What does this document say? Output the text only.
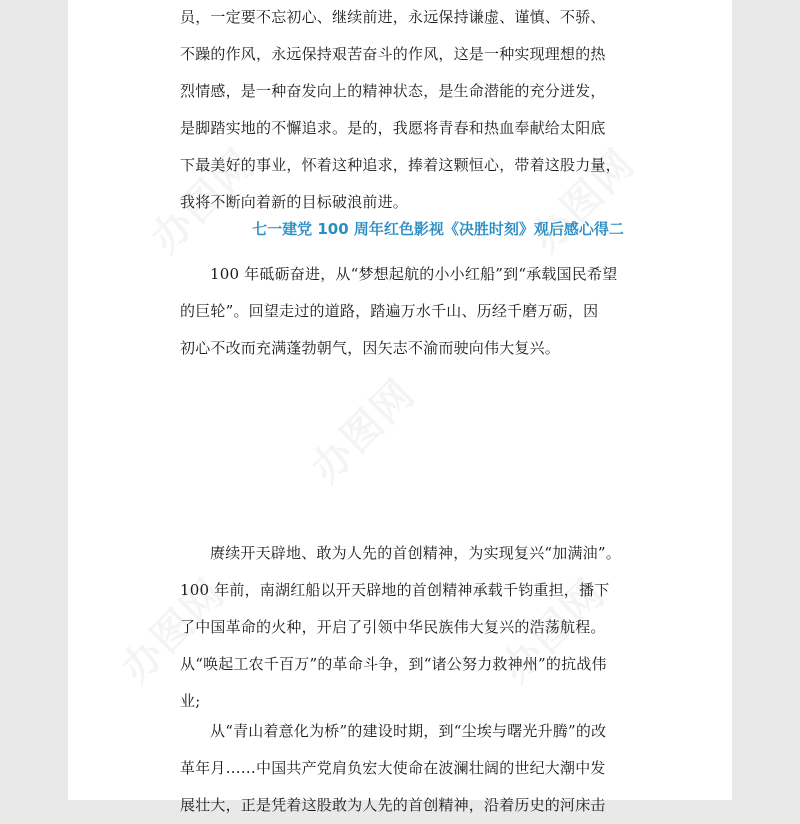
员，一定要不忘初心、继续前进，永远保持谦虚、谨慎、不骄、
不躁的作风，永远保持艰苦奋斗的作风，这是一种实现理想的热
烈情感，是一种奋发向上的精神状态，是生命潜能的充分迸发，
是脚踏实地的不懈追求。是的，我愿将青春和热血奉献给太阳底
下最美好的事业，怀着这种追求，捧着这颗恒心，带着这股力量，
我将不断向着新的目标破浪前进。

七一建党 100 周年红色影视《决胜时刻》观后感心得二

100 年砥砺奋进，从“梦想起航的小小红船”到“承载国民希望
的巨轮”。回望走过的道路，踏遍万水千山、历经千磨万砺，因
初心不改而充满蓬勃朝气，因矢志不渝而驶向伟大复兴。

赓续开天辟地、敢为人先的首创精神，为实现复兴“加满油”。
100 年前，南湖红船以开天辟地的首创精神承载千钧重担，播下
了中国革命的火种，开启了引领中华民族伟大复兴的浩荡航程。
从“唤起工农千百万”的革命斗争，到“诸公努力救神州”的抗战伟
业;

从“青山着意化为桥”的建设时期，到“尘埃与曙光升腾”的改
革年月……中国共产党肩负宏大使命在波澜壮阔的世纪大潮中发
展壮大，正是凭着这股敢为人先的首创精神，沿着历史的河床击
